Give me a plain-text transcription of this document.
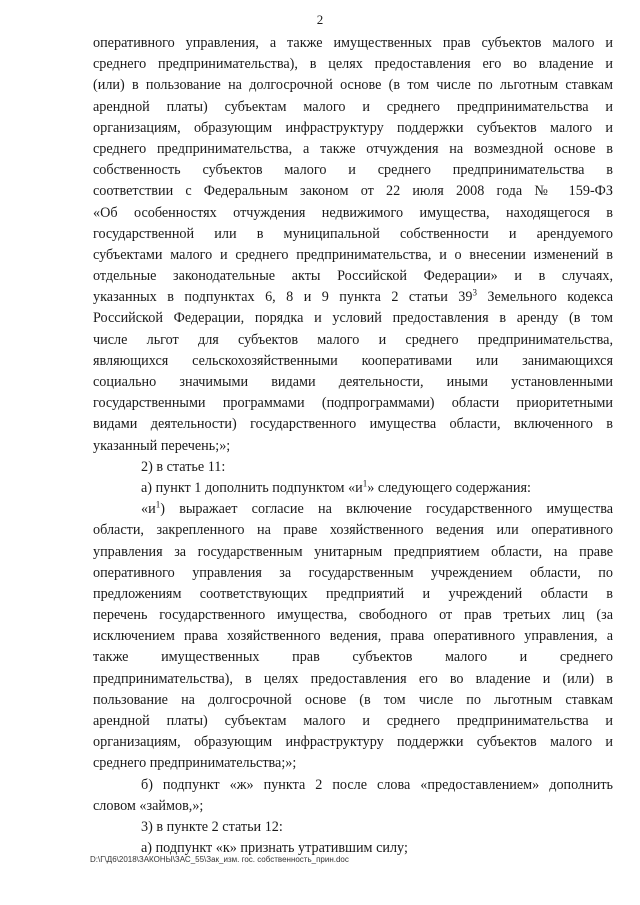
2
оперативного управления, а также имущественных прав субъектов малого и
среднего предпринимательства), в целях предоставления его во владение и
(или) в пользование на долгосрочной основе (в том числе по льготным ставкам
арендной платы) субъектам малого и среднего предпринимательства и
организациям, образующим инфраструктуру поддержки субъектов малого и
среднего предпринимательства, а также отчуждения на возмездной основе в
собственность субъектов малого и среднего предпринимательства в
соответствии с Федеральным законом от 22 июля 2008 года № 159-ФЗ
«Об особенностях отчуждения недвижимого имущества, находящегося в
государственной или в муниципальной собственности и арендуемого
субъектами малого и среднего предпринимательства, и о внесении изменений в
отдельные законодательные акты Российской Федерации» и в случаях,
указанных в подпунктах 6, 8 и 9 пункта 2 статьи $39^3$ Земельного кодекса
Российской Федерации, порядка и условий предоставления в аренду (в том
числе льгот для субъектов малого и среднего предпринимательства,
являющихся сельскохозяйственными кооперативами или занимающихся
социально значимыми видами деятельности, иными установленными
государственными программами (подпрограммами) области приоритетными
видами деятельности) государственного имущества области, включенного в
указанный перечень;»;
2) в статье 11:
а) пункт 1 дополнить подпунктом «$и^1$» следующего содержания:
«$и^1$) выражает согласие на включение государственного имущества
области, закрепленного на праве хозяйственного ведения или оперативного
управления за государственным унитарным предприятием области, на праве
оперативного управления за государственным учреждением области, по
предложениям соответствующих предприятий и учреждений области в
перечень государственного имущества, свободного от прав третьих лиц (за
исключением права хозяйственного ведения, права оперативного управления, а
также имущественных прав субъектов малого и среднего
предпринимательства), в целях предоставления его во владение и (или) в
пользование на долгосрочной основе (в том числе по льготным ставкам
арендной платы) субъектам малого и среднего предпринимательства и
организациям, образующим инфраструктуру поддержки субъектов малого и
среднего предпринимательства;»;
б) подпункт «ж» пункта 2 после слова «предоставлением» дополнить
словом «займов,»;
3) в пункте 2 статьи 12:
а) подпункт «к» признать утратившим силу;
D:\Г\Д6\2018\ЗАКОНЫ\ЗАС_55\Зак_изм. гос. собственность_прин.doc
